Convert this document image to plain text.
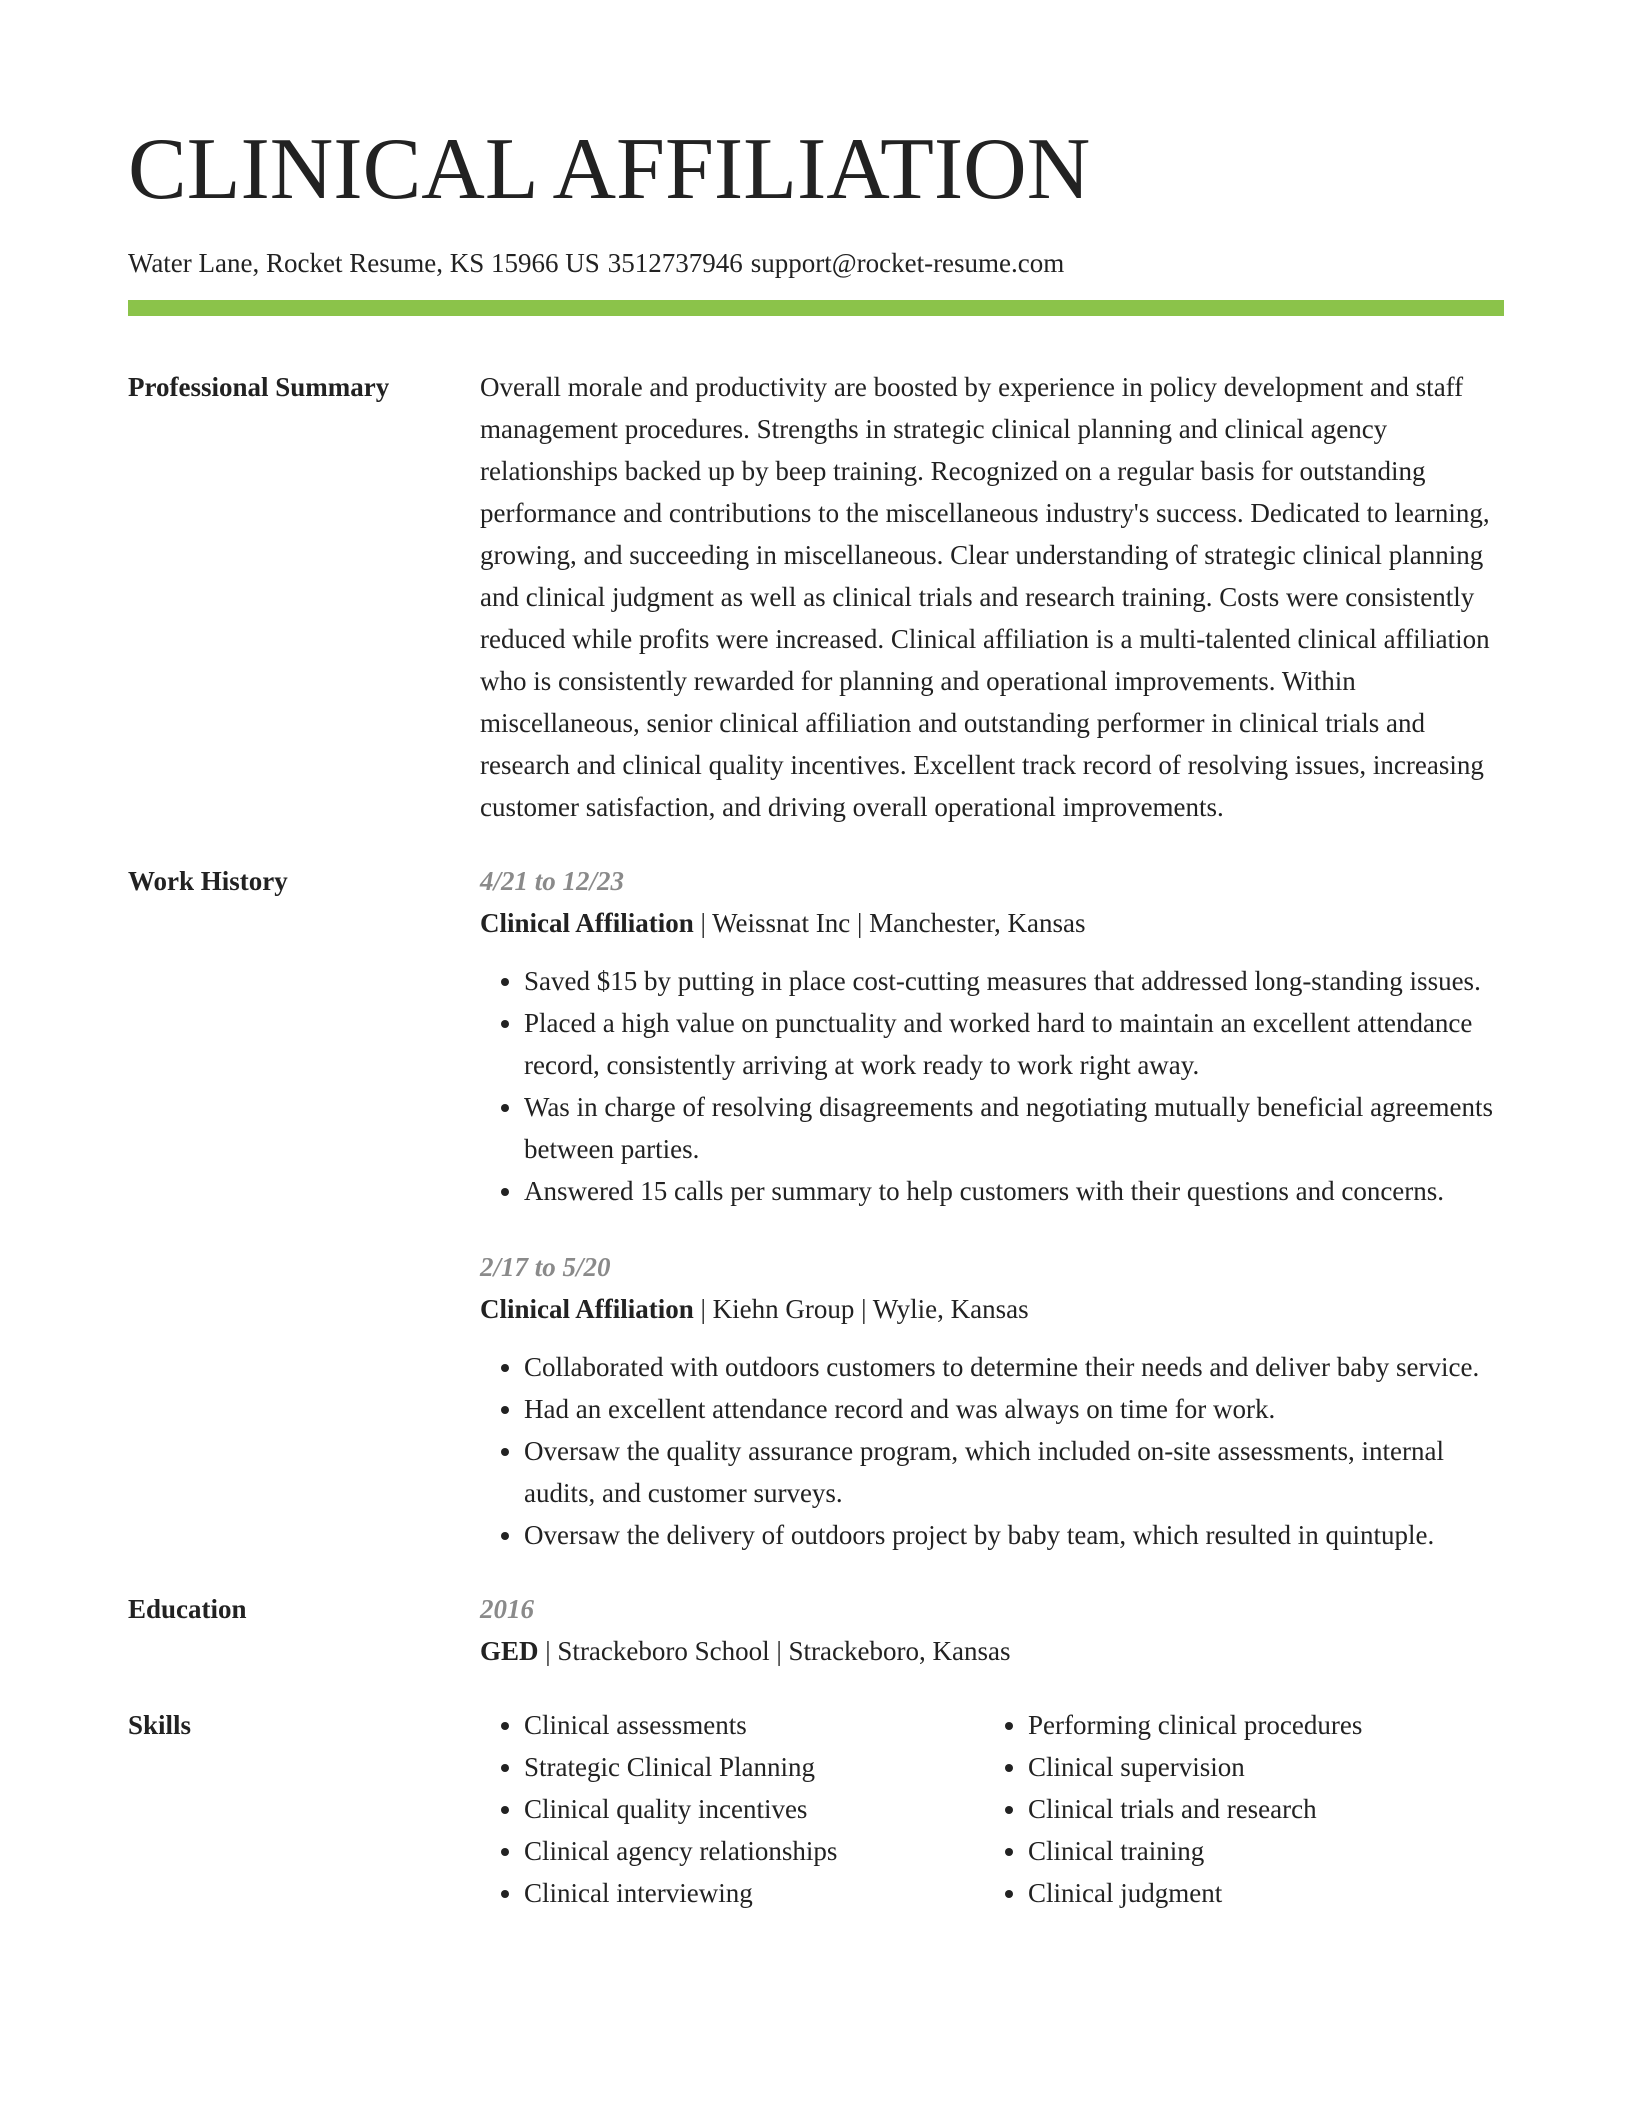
CLINICAL AFFILIATION
Water Lane, Rocket Resume, KS 15966 US 3512737946 support@rocket-resume.com
Professional Summary	Overall morale and productivity are boosted by experience in policy development and staff management procedures. Strengths in strategic clinical planning and clinical agency relationships backed up by beep training. Recognized on a regular basis for outstanding performance and contributions to the miscellaneous industry's success. Dedicated to learning, growing, and succeeding in miscellaneous. Clear understanding of strategic clinical planning and clinical judgment as well as clinical trials and research training. Costs were consistently reduced while profits were increased. Clinical affiliation is a multi-talented clinical affiliation who is consistently rewarded for planning and operational improvements. Within miscellaneous, senior clinical affiliation and outstanding performer in clinical trials and research and clinical quality incentives. Excellent track record of resolving issues, increasing customer satisfaction, and driving overall operational improvements.

Work History	4/21 to 12/23
Clinical Affiliation | Weissnat Inc | Manchester, Kansas
• Saved $15 by putting in place cost-cutting measures that addressed long-standing issues.
• Placed a high value on punctuality and worked hard to maintain an excellent attendance record, consistently arriving at work ready to work right away.
• Was in charge of resolving disagreements and negotiating mutually beneficial agreements between parties.
• Answered 15 calls per summary to help customers with their questions and concerns.
2/17 to 5/20
Clinical Affiliation | Kiehn Group | Wylie, Kansas
• Collaborated with outdoors customers to determine their needs and deliver baby service.
• Had an excellent attendance record and was always on time for work.
• Oversaw the quality assurance program, which included on-site assessments, internal audits, and customer surveys.
• Oversaw the delivery of outdoors project by baby team, which resulted in quintuple.
Education	2016
GED | Strackeboro School | Strackeboro, Kansas
Skills
•	Clinical assessments
• Strategic Clinical Planning
• Clinical quality incentives
• Clinical agency relationships
• Clinical interviewing
• Performing clinical procedures
• Clinical supervision
• Clinical trials and research
• Clinical training
• Clinical judgment
